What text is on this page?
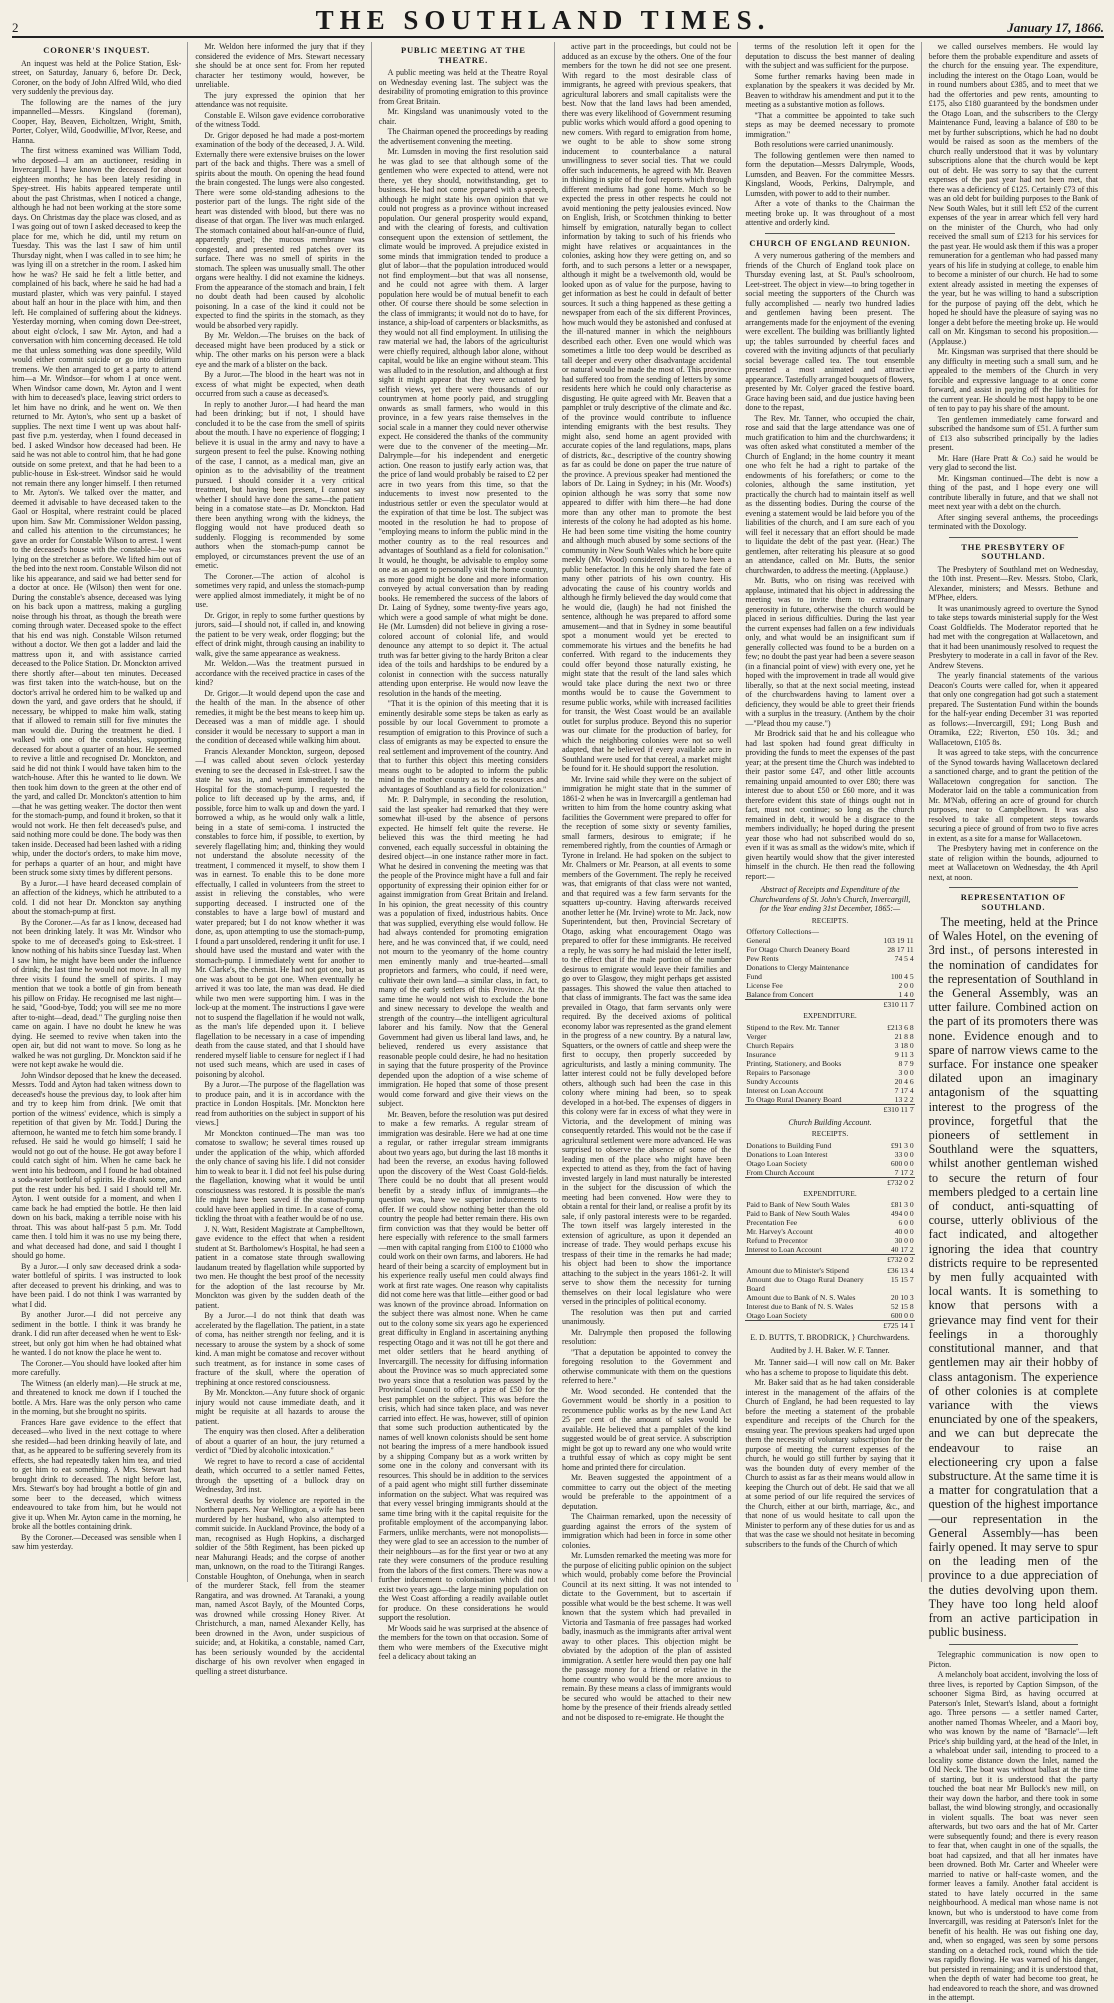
2	THE SOUTHLAND TIMES.	January 17, 1866.
CORONER'S INQUEST.

An inquest was held at the Police Station, Esk-street, on Saturday, January 6, before Dr. Deck, Coroner, on the body of John Alfred Wild, who died very suddenly the previous day.

The following are the names of the jury impannelled—Messrs. Kingsland (foreman), Cooper, Hay, Beaven, Eicholtzen, Wright, Smith, Porter, Colyer, Wild, Goodwillie, M'Ivor, Reese, and Hanna.

The first witness examined was William Todd, who deposed—I am an auctioneer, residing in Invercargill. I have known the deceased for about eighteen months; he has been lately residing in Spey-street. His habits appeared temperate until about the past Christmas, when I noticed a change, although he had not been working at the store some days. On Christmas day the place was closed, and as I was going out of town I asked deceased to keep the place for me, which he did, until my return on Tuesday. This was the last I saw of him until Thursday night, when I was called in to see him; he was lying ill on a stretcher in the room. I asked him how he was? He said he felt a little better, and complained of his back, where he said he had had a mustard plaster, which was very painful. I stayed about half an hour in the place with him, and then left. He complained of suffering about the kidneys. Yesterday morning, when coming down Dee-street, about eight o'clock, I saw Mr. Ayton, and had a conversation with him concerning deceased. He told me that unless something was done speedily, Wild would either commit suicide or go into delirium tremens. We then arranged to get a party to attend him—a Mr. Windsor—for whom I at once went. When Windsor came down, Mr. Ayton and I went with him to deceased's place, leaving strict orders to let him have no drink, and he went on. We then returned to Mr. Ayton's, who sent up a basket of supplies. The next time I went up was about half-past five p.m. yesterday, when I found deceased in bed. I asked Windsor how deceased had been. He said he was not able to control him, that he had gone outside on some pretext, and that he had been to a public-house in Esk-street. Windsor said he would not remain there any longer himself. I then returned to Mr. Ayton's. We talked over the matter, and deemed it advisable to have deceased taken to the Gaol or Hospital, where restraint could be placed upon him. Saw Mr. Commissioner Weldon passing, and called his attention to the circumstances; he gave an order for Constable Wilson to arrest. I went to the deceased's house with the constable—he was lying on the stretcher as before. We lifted him out of the bed into the next room. Constable Wilson did not like his appearance, and said we had better send for a doctor at once. He (Wilson) then went for one. During the constable's absence, deceased was lying on his back upon a mattress, making a gurgling noise through his throat, as though the breath were coming through water. Deceased spoke to the effect that his end was nigh. Constable Wilson returned without a doctor. We then got a ladder and laid the mattress upon it, and with assistance carried deceased to the Police Station. Dr. Monckton arrived there shortly after—about ten minutes. Deceased was first taken into the watch-house, but on the doctor's arrival he ordered him to be walked up and down the yard, and gave orders that he should, if necessary, be whipped to make him walk, stating that if allowed to remain still for five minutes the man would die. During the treatment he died. I walked with one of the constables, supporting deceased for about a quarter of an hour. He seemed to revive a little and recognised Dr. Monckton, and said he did not think I would have taken him to the watch-house. After this he wanted to lie down. We then took him down to the green at the other end of the yard, and called Dr. Monckton's attention to him—that he was getting weaker. The doctor then went for the stomach-pump, and found it broken, so that it would not work. He then felt deceased's pulse, and said nothing more could be done. The body was then taken inside. Deceased had been lashed with a riding whip, under the doctor's orders, to make him move, for perhaps a quarter of an hour, and might have been struck some sixty times by different persons.

By a Juror.—I have heard deceased complain of an affection of the kidneys, which he attributed to a cold. I did not hear Dr. Monckton say anything about the stomach-pump at first.

By the Coroner.—As far as I know, deceased had not been drinking lately. It was Mr. Windsor who spoke to me of deceased's going to Esk-street. I know nothing of his habits since Tuesday last. When I saw him, he might have been under the influence of drink; the last time he would not move. In all my three visits I found the smell of spirits. I may mention that we took a bottle of gin from beneath his pillow on Friday. He recognised me last night—he said, "Good-bye, Todd; you will see me no more after to-night—dead, dead." The gurgling noise then came on again. I have no doubt he knew he was dying. He seemed to revive when taken into the open air, but did not want to move. So long as he walked he was not gurgling. Dr. Monckton said if he were not kept awake he would die.

John Windsor deposed that he knew the deceased. Messrs. Todd and Ayton had taken witness down to deceased's house the previous day, to look after him and try to keep him from drink. [We omit that portion of the witness' evidence, which is simply a repetition of that given by Mr. Todd.] During the afternoon, he wanted me to fetch him some brandy. I refused. He said he would go himself; I said he would not go out of the house. He got away before I could catch sight of him. When he came back he went into his bedroom, and I found he had obtained a soda-water bottleful of spirits. He drank some, and put the rest under his bed. I said I should tell Mr. Ayton. I went outside for a moment, and when I came back he had emptied the bottle. He then laid down on his back, making a terrible noise with his throat. This was about half-past 5 p.m. Mr. Todd came then. I told him it was no use my being there, and what deceased had done, and said I thought I should go home.

By a Juror.—I only saw deceased drink a soda-water bottleful of spirits. I was instructed to look after deceased to prevent his drinking, and was to have been paid. I do not think I was warranted by what I did.

By another Juror.—I did not perceive any sediment in the bottle. I think it was brandy he drank. I did run after deceased when he went to Esk-street, but only got him when he had obtained what he wanted. I do not know the place he went to.

The Coroner.—You should have looked after him more carefully.

The Witness (an elderly man).—He struck at me, and threatened to knock me down if I touched the bottle. A Mrs. Hare was the only person who came in the morning, but she brought no spirits.

Frances Hare gave evidence to the effect that deceased—who lived in the next cottage to where she resided—had been drinking heavily of late, and that, as he appeared to be suffering severely from its effects, she had repeatedly taken him tea, and tried to get him to eat something. A Mrs. Stewart had brought drink to deceased. The night before last, Mrs. Stewart's boy had brought a bottle of gin and some beer to the deceased, which witness endeavoured to take from him, but he would not give it up. When Mr. Ayton came in the morning, he broke all the bottles containing drink.

By the Coroner.—Deceased was sensible when I saw him yesterday.

Mr. Weldon here informed the jury that if they considered the evidence of Mrs. Stewart necessary she should be at once sent for. From her reputed character her testimony would, however, be unreliable.

The jury expressed the opinion that her attendance was not requisite.

Constable E. Wilson gave evidence corroborative of the witness Todd.

Dr. Grigor deposed he had made a post-mortem examination of the body of the deceased, J. A. Wild. Externally there were extensive bruises on the lower part of the back and thighs. There was a smell of spirits about the mouth. On opening the head found the brain congested. The lungs were also congested. There were some old-standing adhesions to the posterior part of the lungs. The right side of the heart was distended with blood, but there was no disease of that organ. The liver was much enlarged. The stomach contained about half-an-ounce of fluid, apparently gruel; the mucous membrane was congested, and presented red patches over its surface. There was no smell of spirits in the stomach. The spleen was unusually small. The other organs were healthy. I did not examine the kidneys. From the appearance of the stomach and brain, I felt no doubt death had been caused by alcoholic poisoning. In a case of the kind it could not be expected to find the spirits in the stomach, as they would be absorbed very rapidly.

By Mr. Weldon.—The bruises on the back of deceased might have been produced by a stick or whip. The other marks on his person were a black eye and the mark of a blister on the back.

By a Juror.—The blood in the heart was not in excess of what might be expected, when death occurred from such a cause as deceased's.

In reply to another Juror.—I had heard the man had been drinking; but if not, I should have concluded it to be the case from the smell of spirits about the mouth. I have no experience of flogging; I believe it is usual in the army and navy to have a surgeon present to feel the pulse. Knowing nothing of the case, I cannot, as a medical man, give an opinion as to the advisability of the treatment pursued. I should consider it a very critical treatment, but having been present, I cannot say whether I should have done the same—the patient being in a comatose state—as Dr. Monckton. Had there been anything wrong with the kidneys, the flogging would not have produced death so suddenly. Flogging is recommended by some authors when the stomach-pump cannot be employed, or circumstances prevent the use of an emetic.

The Coroner.—The action of alcohol is sometimes very rapid, and unless the stomach-pump were applied almost immediately, it might be of no use.

Dr. Grigor, in reply to some further questions by jurors, said—I should not, if called in, and knowing the patient to be very weak, order flogging; but the effect of drink might, through causing an inability to walk, give the same appearance as weakness.

Mr. Weldon.—Was the treatment pursued in accordance with the received practice in cases of the kind?

Dr. Grigor.—It would depend upon the case and the health of the man. In the absence of other remedies, it might be the best means to keep him up. Deceased was a man of middle age. I should consider it would be necessary to support a man in the condition of deceased while walking him about.

Francis Alexander Monckton, surgeon, deposed —I was called about seven o'clock yesterday evening to see the deceased in Esk-street. I saw the state he was in, and went immediately to the Hospital for the stomach-pump. I requested the police to lift deceased up by the arms, and, if possible, force him to walk up and down the yard. I borrowed a whip, as he would only walk a little, being in a state of semi-coma. I instructed the constables to force him, if possible, to exertion, by severely flagellating him; and, thinking they would not understand the absolute necessity of the treatment, I commenced it myself, to show them I was in earnest. To enable this to be done more effectually, I called in volunteers from the street to assist in relieving the constables, who were supporting deceased. I instructed one of the constables to have a large bowl of mustard and water prepared; but I do not know whether it was done, as, upon attempting to use the stomach-pump, I found a part unsoldered, rendering it unfit for use. I should have used the mustard and water with the stomach-pump. I immediately went for another to Mr. Clarke's, the chemist. He had not got one, but as one was about to be got one. When eventually he arrived it was too late, the man was dead. He died while two men were supporting him. I was in the lock-up at the moment. The instructions I gave were not to suspend the flagellation if he would not walk, as the man's life depended upon it. I believe flagellation to be necessary in a case of impending death from the cause stated, and that I should have rendered myself liable to censure for neglect if I had not used such means, which are used in cases of poisoning by alcohol.

By a Juror.—The purpose of the flagellation was to produce pain, and it is in accordance with the practice in London Hospitals. [Mr. Monckton here read from authorities on the subject in support of his views.]

Mr Monckton continued—The man was too comatose to swallow; he several times roused up under the application of the whip, which afforded the only chance of saving his life. I did not consider him to weak to bear it. I did not feel his pulse during the flagellation, knowing what it would be until consciousness was restored. It is possible the man's life might have been saved if the stomach-pump could have been applied in time. In a case of coma, tickling the throat with a feather would be of no use.

J. N. Watt, Resident Magistrate at Campbelltown, gave evidence to the effect that when a resident student at St. Bartholomew's Hospital, he had seen a patient in a comatose state through swallowing laudanum treated by flagellation while supported by two men. He thought the best proof of the necessity for the adoption of the last recourse by Mr. Monckton was given by the sudden death of the patient.

By a Juror.—I do not think that death was accelerated by the flagellation. The patient, in a state of coma, has neither strength nor feeling, and it is necessary to arouse the system by a shock of some kind. A man might be comatose and recover without such treatment, as for instance in some cases of fracture of the skull, where the operation of trephining at once restored consciousness.

By Mr. Monckton.—Any future shock of organic injury would not cause immediate death, and it might be requisite at all hazards to arouse the patient.

The enquiry was then closed. After a deliberation of about a quarter of an hour, the jury returned a verdict of "Died by alcoholic intoxication."

We regret to have to record a case of accidental death, which occurred to a settler named Fettes, through the upsetting of a bullock dray on Wednesday, 3rd inst.

Several deaths by violence are reported in the Northern papers. Near Wellington, a wife has been murdered by her husband, who also attempted to commit suicide. In Auckland Province, the body of a man, recognised as Hugh Hopkins, a discharged soldier of the 58th Regiment, has been picked up near Mahurangi Heads; and the corpse of another man, unknown, on the road to the Titirangi Ranges. Constable Houghton, of Onehunga, when in search of the murderer Stack, fell from the steamer Rangatira, and was drowned. At Taranaki, a young man, named Ascot Bayly, of the Mounted Corps, was drowned while crossing Honey River. At Christchurch, a man, named Alexander Kelly, has been drowned in the Avon, under suspicious of suicide; and, at Hokitika, a constable, named Carr, has been seriously wounded by the accidental discharge of his own revolver when engaged in quelling a street disturbance.

PUBLIC MEETING AT THE THEATRE.

A public meeting was held at the Theatre Royal on Wednesday evening last. The subject was the desirability of promoting emigration to this province from Great Britain.

Mr. Kingsland was unanimously voted to the chair.

The Chairman opened the proceedings by reading the advertisement convening the meeting.

Mr. Lumsden in moving the first resolution said he was glad to see that although some of the gentlemen who were expected to attend, were not there, yet they should, notwithstanding, get to business. He had not come prepared with a speech, although he might state his own opinion that we could not progress as a province without increased population. Our general prosperity would expand, and with the clearing of forests, and cultivation consequent upon the extension of settlement, the climate would be improved. A prejudice existed in some minds that immigration tended to produce a glut of labor—that the population introduced would not find employment—but that was all nonsense, and he could not agree with them. A larger population here would be of mutual benefit to each other. Of course there should be some selection in the class of immigrants; it would not do to have, for instance, a ship-load of carpenters or blacksmiths, as they would not all find employment. In utilising the raw material we had, the labors of the agriculturist were chiefly required, although labor alone, without capital, would be like an engine without steam. This was alluded to in the resolution, and although at first sight it might appear that they were actuated by selfish views, yet there were thousands of our countrymen at home poorly paid, and struggling onwards as small farmers, who would in this province, in a few years raise themselves in the social scale in a manner they could never otherwise expect. He considered the thanks of the community were due to the convener of the meeting—Mr. Dalrymple—for his independent and energetic action. One reason to justify early action was, that the price of land would probably be raised to £2 per acre in two years from this time, so that the inducements to invest now presented to the industrious settler or even the speculator would at the expiration of that time be lost. The subject was mooted in the resolution he had to propose of "employing means to inform the public mind in the mother country as to the real resources and advantages of Southland as a field for colonisation." It would, he thought, be advisable to employ some one as an agent to personally visit the home country, as more good might be done and more information conveyed by actual conversation than by reading books. He remembered the success of the labors of Dr. Laing of Sydney, some twenty-five years ago, which were a good sample of what might be done. He (Mr. Lumsden) did not believe in giving a rose-colored account of colonial life, and would denounce any attempt to so depict it. The actual truth was far better giving to the hardy Briton a clear idea of the toils and hardships to be endured by a colonist in connection with the success naturally attending upon enterprise. He would now leave the resolution in the hands of the meeting.

"That it is the opinion of this meeting that it is eminently desirable some steps be taken as early as possible by our local Government to promote a resumption of emigration to this Province of such a class of emigrants as may be expected to ensure the real settlement and improvement of the country. And that to further this object this meeting considers means ought to be adopted to inform the public mind in the mother country as to the resources and advantages of Southland as a field for colonization."

Mr. P. Dalrymple, in seconding the resolution, said the last speaker had remarked that they were somewhat ill-used by the absence of persons expected. He himself felt quite the reverse. He believed this was the third meeting he had convened, each equally successful in obtaining the desired object—in one instance rather more in fact. What he desired in convening the meeting was that the people of the Province might have a full and fair opportunity of expressing their opinion either for or against immigration from Great Britain and Ireland. In his opinion, the great necessity of this country was a population of fixed, industrious habits. Once that was supplied, everything else would follow. He had always contended for promoting emigration here, and he was convinced that, if we could, need not mourn to the yeomanry of the home country men eminently manly and true-hearted—small proprietors and farmers, who could, if need were, cultivate their own land—a similar class, in fact, to many of the early settlers of this Province. At the same time he would not wish to exclude the bone and sinew necessary to develope the wealth and strength of the country—the intelligent agricultural laborer and his family. Now that the General Government had given us liberal land laws, and, he believed, rendered us every assistance that reasonable people could desire, he had no hesitation in saying that the future prosperity of the Province depended upon the adoption of a wise scheme of immigration. He hoped that some of those present would come forward and give their views on the subject.

Mr. Beaven, before the resolution was put desired to make a few remarks. A regular stream of immigration was desirable. Here we had at one time a regular, or rather irregular stream immigrants about two years ago, but during the last 18 months it had been the reverse, an exodus having followed upon the discovery of the West Coast Gold-fields. There could be no doubt that all present would benefit by a steady influx of immigrants—the question was, have we superior inducements to offer. If we could show nothing better than the old country the people had better remain there. His own firm conviction was that they would be better off here especially with reference to the small farmers—men with capital ranging from £100 to £1000 who could work on their own farms, and laborers. He had heard of their being a scarcity of employment but in his experience really useful men could always find work at first rate wages. One reason why capitalists did not come here was that little—either good or bad was known of the province abroad. Information on the subject there was almost none. When he came out to the colony some six years ago he experienced great difficulty in England in ascertaining anything respecting Otago and it was not till he got there and met older settlers that he heard anything of Invercargill. The necessity for diffusing information about the Province was so much appreciated some two years since that a resolution was passed by the Provincial Council to offer a prize of £50 for the best pamphlet on the subject. This was before the crisis, which had since taken place, and was never carried into effect. He was, however, still of opinion that some such production authenticated by the names of well known colonists should be sent home not bearing the impress of a mere handbook issued by a shipping Company but as a work written by some one in the colony and conversant with its resources. This should be in addition to the services of a paid agent who might still further disseminate information on the subject. What was required was that every vessel bringing immigrants should at the same time bring with it the capital requisite for the profitable employment of the accompanying labor. Farmers, unlike merchants, were not monopolists—they were glad to see an accession to the number of their neighbours—as for the first year or two at any rate they were consumers of the produce resulting from the labors of the first comers. There was now a further inducement to colonisation which did not exist two years ago—the large mining population on the West Coast affording a readily available outlet for produce. On these considerations he would support the resolution.

Mr Woods said he was surprised at the absence of the members for the town on that occasion. Some of them who were members of the Executive might feel a delicacy about taking an

active part in the proceedings, but could not be adduced as an excuse by the others. One of the four members for the town he did not see one present. With regard to the most desirable class of immigrants, he agreed with previous speakers, that agricultural laborers and small capitalists were the best. Now that the land laws had been amended, there was every likelihood of Government resuming public works which would afford a good opening to new comers. With regard to emigration from home, we ought to be able to show some strong inducement to counterbalance a natural unwillingness to sever social ties. That we could offer such inducements, he agreed with Mr. Beaven in thinking in spite of the foul reports which through different mediums had gone home. Much so be expected the press in other respects he could not avoid mentioning the petty jealousies evinced. Now on English, Irish, or Scotchmen thinking to better himself by emigration, naturally began to collect information by taking to such of his friends who might have relatives or acquaintances in the colonies, asking how they were getting on, and so forth, and to such persons a letter or a newspaper, although it might be a twelvemonth old, would be looked upon as of value for the purpose, having to get information as best he could in default of better sources. It such a thing happened as these getting a newspaper from each of the six different Provinces, how much would they be astonished and confused at the ill-natured manner in which the neighbours described each other. Even one would which was sometimes a little too deep would be described as tall deeper and every other disadvantage accidental or natural would be made the most of. This province had suffered too from the sending of letters by some residents here which he could only characterise as disgusting. He quite agreed with Mr. Beaven that a pamphlet or truly descriptive of the climate and &c. of the province would contribute to influence intending emigrants with the best results. They might also, send home an agent provided with accurate copies of the land regulations, maps, plans of districts, &c., descriptive of the country showing as far as could be done on paper the true nature of the province. A previous speaker had mentioned the labors of Dr. Laing in Sydney; in his (Mr. Wood's) opinion although he was sorry that some now appeared to differ with him there—he had done more than any other man to promote the best interests of the colony he had adopted as his home. He had been some time visiting the home country and although much abused by some sections of the community in New South Wales which he bore quite meekly (Mr. Wood) considered him to have been a public benefactor. In this he only shared the fate of many other patriots of his own country. His advocating the cause of his country worlds and although he firmly believed the day would come that he would die, (laugh) he had not finished the sentence, although he was prepared to afford some amusement—and that in Sydney in some beautiful spot a monument would yet be erected to commemorate his virtues and the benefits he had conferred. With regard to the inducements they could offer beyond those naturally existing, he might state that the result of the land sales which would take place during the next two or three months would be to cause the Government to resume public works, while with increased facilities for transit, the West Coast would be an available outlet for surplus produce. Beyond this no superior was our climate for the production of barley, for which the neighboring colonies were not so well adapted, that he believed if every available acre in Southland were used for that cereal, a market might be found for it. He should support the resolution.

Mr. Irvine said while they were on the subject of immigration he might state that in the summer of 1861-2 when he was in Invercargill a gentleman had written to him from the home country asking what facilities the Government were prepared to offer for the reception of some sixty or seventy families, small farmers, desirous to emigrate; if he remembered rightly, from the counties of Armagh or Tyrone in Ireland. He had spoken on the subject to Mr. Chalmers or Mr. Pearson, at all events to some members of the Government. The reply he received was, that emigrants of that class were not wanted, and that required was a few farm servants for the squatters up-country. Having afterwards received another letter he (Mr. Irvine) wrote to Mr. Jack, now Superintendent, but then, Provincial Secretary of Otago, asking what encouragement Otago was prepared to offer for these immigrants. He received a reply, he was sorry he had mislaid the letter itself, to the effect that if the male portion of the number desirous to emigrate would leave their families and go over to Glasgow, they might perhaps get assisted passages. This showed the value then attached to that class of immigrants. The fact was the same idea prevailed in Otago, that farm servants only were required. By the deceived axioms of political economy labor was represented as the grand element in the progress of a new country. By a natural law, Squatters, or the owners of cattle and sheep were the first to occupy, then properly succeeded by agriculturists, and lastly a mining community. The latter interest could not be fully developed before others, although such had been the case in this colony where mining had been, so to speak developed in a hot-bed. The expenses of diggers in this colony were far in excess of what they were in Victoria, and the development of mining was consequently retarded. This would not be the case if agricultural settlement were more advanced. He was surprised to observe the absence of some of the leading men of the place who might have been expected to attend as they, from the fact of having invested largely in land must naturally be interested in the subject for the discussion of which the meeting had been convened. How were they to obtain a rental for their land, or realise a profit by its sale, if only pastoral interests were to be regarded. The town itself was largely interested in the extension of agriculture, as upon it depended an increase of trade. They would perhaps excuse his trespass of their time in the remarks he had made; his object had been to show the importance attaching to the subject in the years 1861-2. It will serve to show them the necessity for turning themselves on their local legislature who were versed in the principles of political economy.

The resolution was then put and carried unanimously.

Mr. Dalrymple then proposed the following resolution:

"That a deputation be appointed to convey the foregoing resolution to the Government and otherwise communicate with them on the questions referred to here."

Mr. Wood seconded. He contended that the Government would be shortly in a position to recommence public works as by the new Land Act 25 per cent of the amount of sales would be available. He believed that a pamphlet of the kind suggested would be of great service. A subscription might be got up to reward any one who would write a truthful essay of which as copy might be sent home and printed there for circulation.

Mr. Beaven suggested the appointment of a committee to carry out the object of the meeting would be preferable to the appointment of a deputation.

The Chairman remarked, upon the necessity of guarding against the errors of the system of immigration which had been in force in some other colonies.

Mr. Lumsden remarked the meeting was more for the purpose of eliciting public opinion on the subject which would, probably come before the Provincial Council at its next sitting. It was not intended to dictate to the Government, but to ascertain if possible what would be the best scheme. It was well known that the system which had prevailed in Victoria and Tasmania of free passages had worked badly, inasmuch as the immigrants after arrival went away to other places. This objection might be obviated by the adoption of the plan of assisted immigration. A settler here would then pay one half the passage money for a friend or relative in the home country who would be the more anxious to remain. By these means a class of immigrants would be secured who would be attached to their new home by the presence of their friends already settled and not be disposed to re-emigrate. He thought the

terms of the resolution left it open for the deputation to discuss the best manner of dealing with the subject and was sufficient for the purpose.

Some further remarks having been made in explanation by the speakers it was decided by Mr. Beaven to withdraw his amendment and put it to the meeting as a substantive motion as follows.

"That a committee be appointed to take such steps as may be deemed necessary to promote immigration."

Both resolutions were carried unanimously.

The following gentlemen were then named to form the deputation—Messrs Dalrymple, Woods, Lumsden, and Beaven. For the committee Messrs. Kingsland, Woods, Perkins, Dalrymple, and Lumsden, with power to add to their number.

After a vote of thanks to the Chairman the meeting broke up. It was throughout of a most attentive and orderly kind.

CHURCH OF ENGLAND REUNION.

A very numerous gathering of the members and friends of the Church of England took place on Thursday evening last, at St. Paul's schoolroom, Leet-street. The object in view—to bring together in social meeting the supporters of the Church was fully accomplished — nearly two hundred ladies and gentlemen having been present. The arrangements made for the enjoyment of the evening were excellent. The building was brilliantly lighted up; the tables surrounded by cheerful faces and covered with the inviting adjuncts of that peculiarly social beverage called tea. The tout ensemble presented a most animated and attractive appearance. Tastefully arranged bouquets of flowers, presented by Mr. Colyer graced the festive board. Grace having been said, and due justice having been done to the repast,

The Rev. Mr. Tanner, who occupied the chair, rose and said that the large attendance was one of much gratification to him and the churchwardens; it was often asked what constituted a member of the Church of England; in the home country it meant one who felt he had a right to partake of the endowments of his forefathers; or come to the colonies, although the same institution, yet practically the church had to maintain itself as well as the dissenting bodies. During the course of the evening a statement would be laid before you of the liabilities of the church, and I am sure each of you will feel it necessary that an effort should be made to liquidate the debt of the past year. (Hear.) The gentlemen, after reiterating his pleasure at so good an attendance, called on Mr. Butts, the senior churchwarden, to address the meeting. (Applause.)

Mr. Butts, who on rising was received with applause, intimated that his object in addressing the meeting was to invite them to extraordinary generosity in future, otherwise the church would be placed in serious difficulties. During the last year the current expenses had fallen on a few individuals only, and what would be an insignificant sum if generally collected was found to be a burden on a few; no doubt the past year had been a severe season (in a financial point of view) with every one, yet he hoped with the improvement in trade all would give liberally, so that at the next social meeting, instead of the churchwardens having to lament over a deficiency, they would be able to greet their friends with a surplus in the treasury. (Anthem by the choir—"Plead thou my cause.")

Mr Brodrick said that he and his colleague who had last spoken had found great difficulty in providing the funds to meet the expenses of the past year; at the present time the Church was indebted to their pastor some £47, and other little accounts remaining unpaid amounted to over £80; there was interest due to about £50 or £60 more, and it was therefore evident this state of things ought not in fact, must not continue; so long as the church remained in debt, it would be a disgrace to the members individually; he hoped during the present year those who had not subscribed would do so, even if it was as small as the widow's mite, which if given heartily would show that the giver interested himself in the church. He then read the following report:—

Abstract of Receipts and Expenditure of the Churchwardens of St. John's Church, Invercargill, for the Year ending 31st December, 1865:—
RECEIPTS.
Offertory Collections—	
General	103 19 11
For Otago Church Deanery Board	28 17 11
Pew Rents	74 5 4
Donations to Clergy Maintenance	
Fund	100 4 5
License Fee	2 0 0
Balance from Concert	1 4 0
	£310 11 7
EXPENDITURE.
Stipend to the Rev. Mr. Tanner	£213 6 8
Verger	21 8 8
Church Repairs	3 18 0
Insurance	9 11 3
Printing, Stationery, and Books	8 7 9
Repairs to Parsonage	3 0 0
Sundry Accounts	20 4 6
Interest on Loan Account	7 17 4
To Otago Rural Deanery Board	13 2 2
	£310 11 7
Church Building Account.
RECEIPTS.
Donations to Building Fund	£91 3 0
Donations to Loan Interest	33 0 0
Otago Loan Society	600 0 0
From Church Account	7 17 2
	£732 0 2
EXPENDITURE.
Paid to Bank of New South Wales	£81 3 0
Paid to Bank of New South Wales	494 0 0
Precentation Fee	6 0 0
Mr. Harvey's Account	40 0 0
Refund to Precentor	30 0 0
Interest to Loan Account	40 17 2
	£732 0 2
Amount due to Minister's Stipend	£36 13 4
Amount due to Otago Rural Deanery Board	15 15 7
Amount due to Bank of N. S. Wales	20 10 3
Interest due to Bank of N. S. Wales	52 15 8
Otago Loan Society	600 0 0
	£725 14 1
E. D. BUTTS, T. BRODRICK, } Churchwardens.
Audited by J. H. Baker. W. F. Tanner.

Mr. Tanner said—I will now call on Mr. Baker who has a scheme to propose to liquidate this debt.

Mr. Baker said that as he had taken considerable interest in the management of the affairs of the Church of England, he had been requested to lay before the meeting a statement of the probable expenditure and receipts of the Church for the ensuing year. The previous speakers had urged upon them the necessity of voluntary subscription for the purpose of meeting the current expenses of the church, he would go still further by saying that it was the bounden duty of every member of the Church to assist as far as their means would allow in keeping the Church out of debt. He said that we all at some period of our life required the services of the Church, either at our birth, marriage, &c., and that none of us would hesitate to call upon the Minister to perform any of these duties for us and as that was the case we should not hesitate in becoming subscribers to the funds of the Church of which

we called ourselves members. He would lay before them the probable expenditure and assets of the church for the ensuing year. The expenditure, including the interest on the Otago Loan, would be in round numbers about £385, and to meet that we had the offertories and pew rents, amounting to £175, also £180 guaranteed by the bondsmen under the Otago Loan, and the subscribers to the Clergy Maintenance Fund, leaving a balance of £80 to be met by further subscriptions, which he had no doubt would be raised as soon as the members of the church really understood that it was by voluntary subscriptions alone that the church would be kept out of debt. He was sorry to say that the current expenses of the past year had not been met, that there was a deficiency of £125. Certainly £73 of this was an old debt for building purposes to the Bank of New South Wales, but it still left £52 of the current expenses of the year in arrear which fell very hard on the minister of the Church, who had only received the small sum of £213 for his services for the past year. He would ask them if this was a proper remuneration for a gentleman who had passed many years of his life in studying at college, to enable him to become a minister of our church. He had to some extent already assisted in meeting the expenses of the year, but he was willing to hand a subscription for the purpose of paying off the debt, which he hoped he should have the pleasure of saying was no longer a debt before the meeting broke up. He would call on Mr. Kingsman to second his proposition.—(Applause.)

Mr. Kingsman was surprised that there should be any difficulty in meeting such a small sum, and he appealed to the members of the Church in very forcible and expressive language to at once come forward, and assist in paying off the liabilities for the current year. He should be most happy to be one of ten to pay to pay his share of the amount.

Ten gentlemen immediately came forward and subscribed the handsome sum of £51. A further sum of £13 also subscribed principally by the ladies present.

Mr. Hare (Hare Pratt & Co.) said he would be very glad to second the list.

Mr. Kingsman continued—The debt is now a thing of the past, and I hope every one will contribute liberally in future, and that we shall not meet next year with a debt on the church.

After singing several anthems, the proceedings terminated with the Doxology.

THE PRESBYTERY OF SOUTHLAND.

The Presbytery of Southland met on Wednesday, the 10th inst. Present—Rev. Messrs. Stobo, Clark, Alexander, ministers; and Messrs. Bethune and M'Phee, elders.

It was unanimously agreed to overture the Synod to take steps towards ministerial supply for the West Coast Goldfields. The Moderator reported that he had met with the congregation at Wallacetown, and that it had been unanimously resolved to request the Presbytery to moderate in a call in favor of the Rev. Andrew Stevens.

The yearly financial statements of the various Deacon's Courts were called for, when it appeared that only one congregation had got such a statement prepared. The Sustentation Fund within the bounds for the half-year ending December 31 was reported as follows:—Invercargill, £91; Long Bush and Otramika, £22; Riverton, £50 10s. 3d.; and Wallacetown, £105 8s.

It was agreed to take steps, with the concurrence of the Synod towards having Wallacetown declared a sanctioned charge, and to grant the petition of the Wallacetown congregation for sanction. The Moderator laid on the table a communication from Mr. M'Nab, offering an acre of ground for church purposes, near to Campbelltown. It was also resolved to take all competent steps towards securing a piece of ground of from two to five acres in extent, as a site for a manse for Wallacetown.

The Presbytery having met in conference on the state of religion within the bounds, adjourned to meet at Wallacetown on Wednesday, the 4th April next, at noon.

REPRESENTATION OF SOUTHLAND.

The meeting, held at the Prince of Wales Hotel, on the evening of 3rd inst., of persons interested in the nomination of candidates for the representation of Southland in the General Assembly, was an utter failure. Combined action on the part of its promoters there was none. Evidence enough and to spare of narrow views came to the surface. For instance one speaker dilated upon an imaginary antagonism of the squatting interest to the progress of the province, forgetful that the pioneers of settlement in Southland were the squatters, whilst another gentleman wished to secure the return of four members pledged to a certain line of conduct, anti-squatting of course, utterly oblivious of the fact indicated, and altogether ignoring the idea that country districts require to be represented by men fully acquainted with local wants. It is something to know that persons with a grievance may find vent for their feelings in a thoroughly constitutional manner, and that gentlemen may air their hobby of class antagonism. The experience of other colonies is at complete variance with the views enunciated by one of the speakers, and we can but deprecate the endeavour to raise an electioneering cry upon a false substructure. At the same time it is a matter for congratulation that a question of the highest importance—our representation in the General Assembly—has been fairly opened. It may serve to spur on the leading men of the province to a due appreciation of the duties devolving upon them. They have too long held aloof from an active participation in public business.

Telegraphic communication is now open to Picton.

A melancholy boat accident, involving the loss of three lives, is reported by Caption Simpson, of the schooner Sigma Bird, as having occurred at Paterson's Inlet, Stewart's Island, about a fortnight ago. Three persons — a settler named Carter, another named Thomas Wheeler, and a Maori boy, who was known by the name of "Barnacle"—left Price's ship building yard, at the head of the Inlet, in a whaleboat under sail, intending to proceed to a locality some distance down the Inlet, named the Old Neck. The boat was without ballast at the time of starting, but it is understood that the party touched the boat near Mr Bullock's new mill, on their way down the harbor, and there took in some ballast, the wind blowing strongly, and occasionally in violent squalls. The boat was never seen afterwards, but two oars and the hat of Mr. Carter were subsequently found; and there is every reason to fear that, when caught in one of the squalls, the boat had capsized, and that all her inmates have been drowned. Both Mr. Carter and Wheeler were married to native or half-caste women, and the former leaves a family. Another fatal accident is stated to have lately occurred in the same neighbourhood. A medical man whose name is not known, but who is understood to have come from Invercargill, was residing at Paterson's Inlet for the benefit of his health. He was out fishing one day, and, when so engaged, was seen by some persons standing on a detached rock, round which the tide was rapidly flowing. He was warned of his danger, but persisted in remaining; and it is understood that, when the depth of water had become too great, he had endeavored to reach the shore, and was drowned in the attempt.
